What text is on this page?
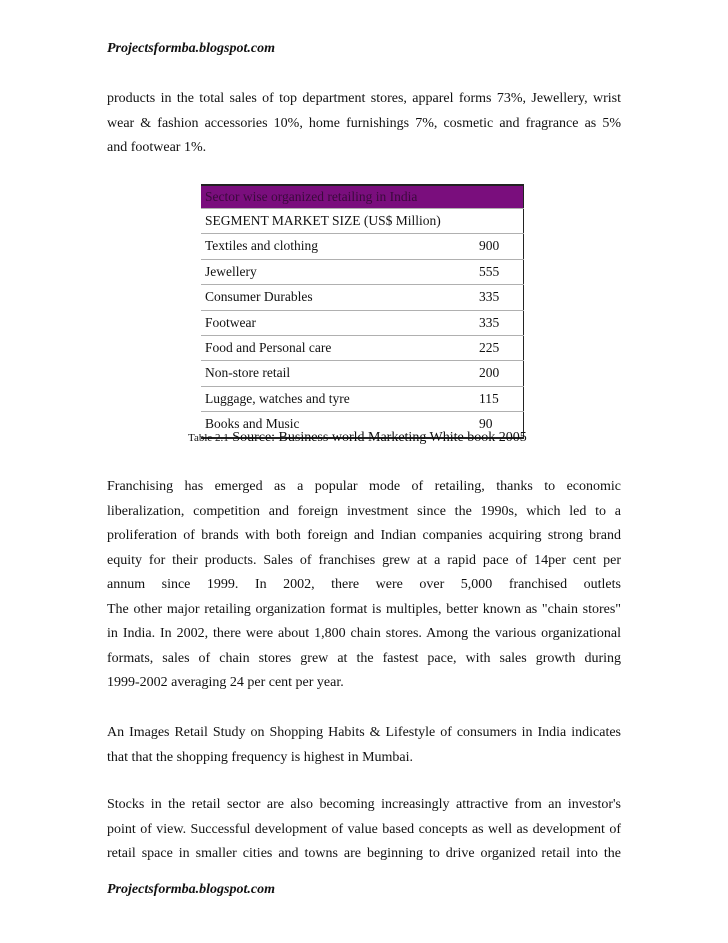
Projectsformba.blogspot.com
products in the total sales of top department stores, apparel forms 73%, Jewellery, wrist
wear & fashion accessories 10%, home furnishings 7%, cosmetic and fragrance as 5%
and footwear 1%.
Sector wise organized retailing in India	
SEGMENT MARKET SIZE (US$ Million)	
Textiles and clothing	900
Jewellery	555
Consumer Durables	335
Footwear	335
Food and Personal care	225
Non-store retail	200
Luggage, watches and tyre	115
Books and Music	90
Table 2.1 Source: Business world Marketing White book 2005
Franchising has emerged as a popular mode of retailing, thanks to economic
liberalization, competition and foreign investment since the 1990s, which led to a
proliferation of brands with both foreign and Indian companies acquiring strong brand
equity for their products. Sales of franchises grew at a rapid pace of 14per cent per
annum since 1999. In 2002, there were over 5,000 franchised outlets
The other major retailing organization format is multiples, better known as "chain stores"
in India. In 2002, there were about 1,800 chain stores. Among the various organizational
formats, sales of chain stores grew at the fastest pace, with sales growth during
1999-2002 averaging 24 per cent per year.
An Images Retail Study on Shopping Habits & Lifestyle of consumers in India indicates
that that the shopping frequency is highest in Mumbai.
Stocks in the retail sector are also becoming increasingly attractive from an investor's
point of view. Successful development of value based concepts as well as development of
retail space in smaller cities and towns are beginning to drive organized retail into the
Projectsformba.blogspot.com
